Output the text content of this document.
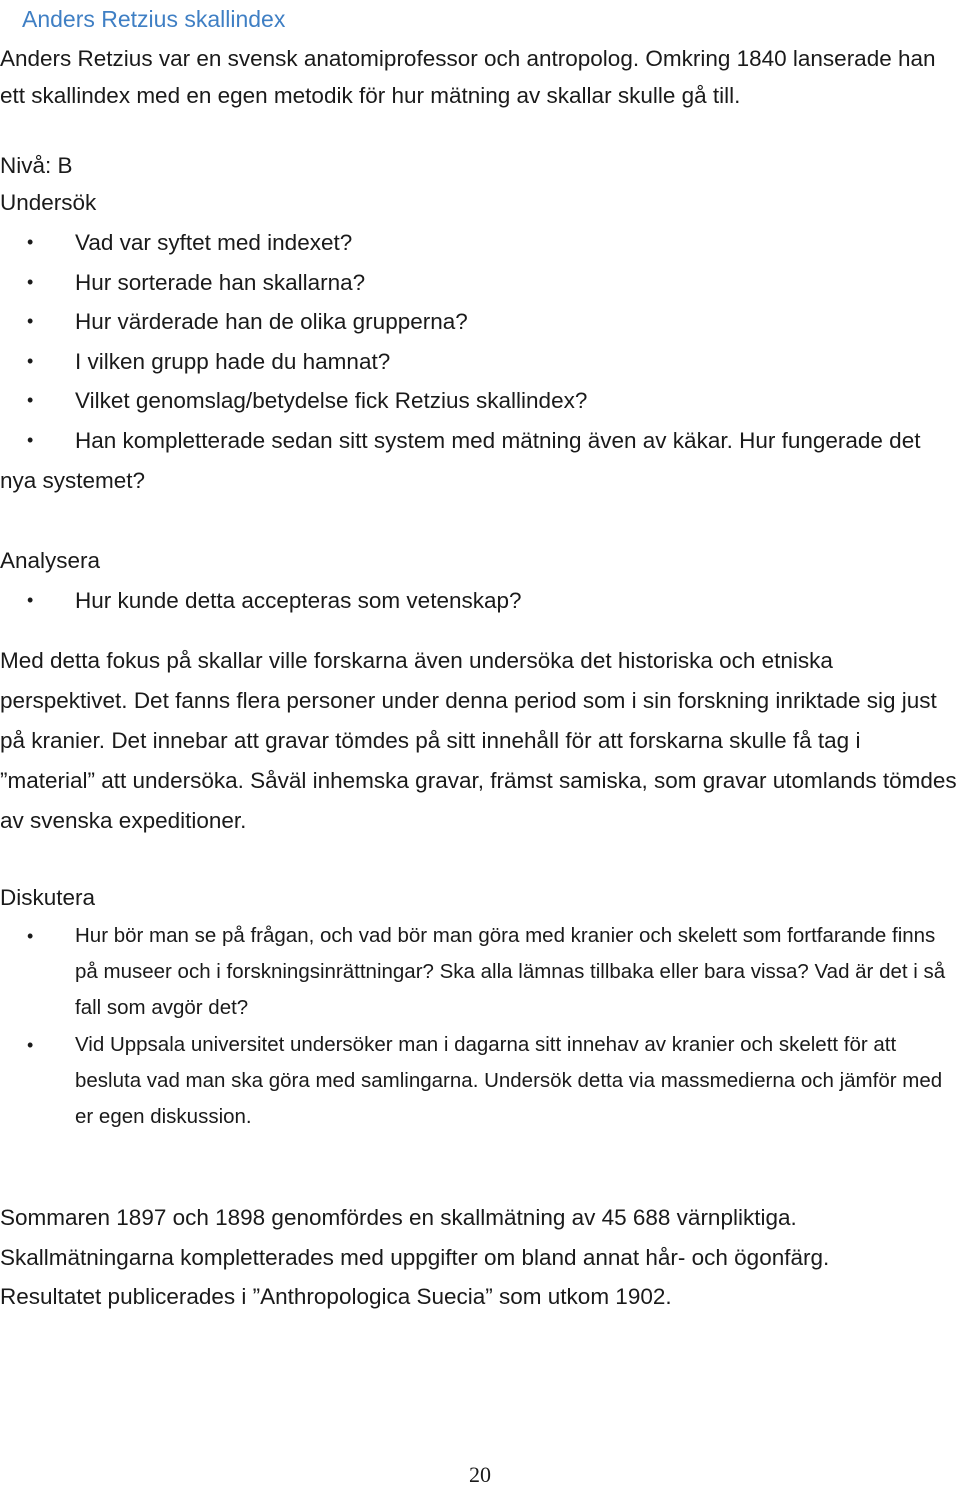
Anders Retzius skallindex

Anders Retzius var en svensk anatomiprofessor och antropolog. Omkring 1840 lanserade han ett skallindex med en egen metodik för hur mätning av skallar skulle gå till.

Nivå: B

Undersök

• Vad var syftet med indexet?
• Hur sorterade han skallarna?
• Hur värderade han de olika grupperna?
• I vilken grupp hade du hamnat?
• Vilket genomslag/betydelse fick Retzius skallindex?

• Han kompletterade sedan sitt system med mätning även av käkar. Hur fungerade det nya systemet?

Analysera

• Hur kunde detta accepteras som vetenskap?

Med detta fokus på skallar ville forskarna även undersöka det historiska och etniska perspektivet. Det fanns flera personer under denna period som i sin forskning inriktade sig just på kranier. Det innebar att gravar tömdes på sitt innehåll för att forskarna skulle få tag i ”material” att undersöka. Såväl inhemska gravar, främst samiska, som gravar utomlands tömdes av svenska expeditioner.

Diskutera

• Hur bör man se på frågan, och vad bör man göra med kranier och skelett som fortfarande finns på museer och i forskningsinrättningar? Ska alla lämnas tillbaka eller bara vissa? Vad är det i så fall som avgör det?
• Vid Uppsala universitet undersöker man i dagarna sitt innehav av kranier och skelett för att besluta vad man ska göra med samlingarna. Undersök detta via massmedierna och jämför med er egen diskussion.

Sommaren 1897 och 1898 genomfördes en skallmätning av 45 688 värnpliktiga.
Skallmätningarna kompletterades med uppgifter om bland annat hår- och ögonfärg.
Resultatet publicerades i ”Anthropologica Suecia” som utkom 1902.

20
